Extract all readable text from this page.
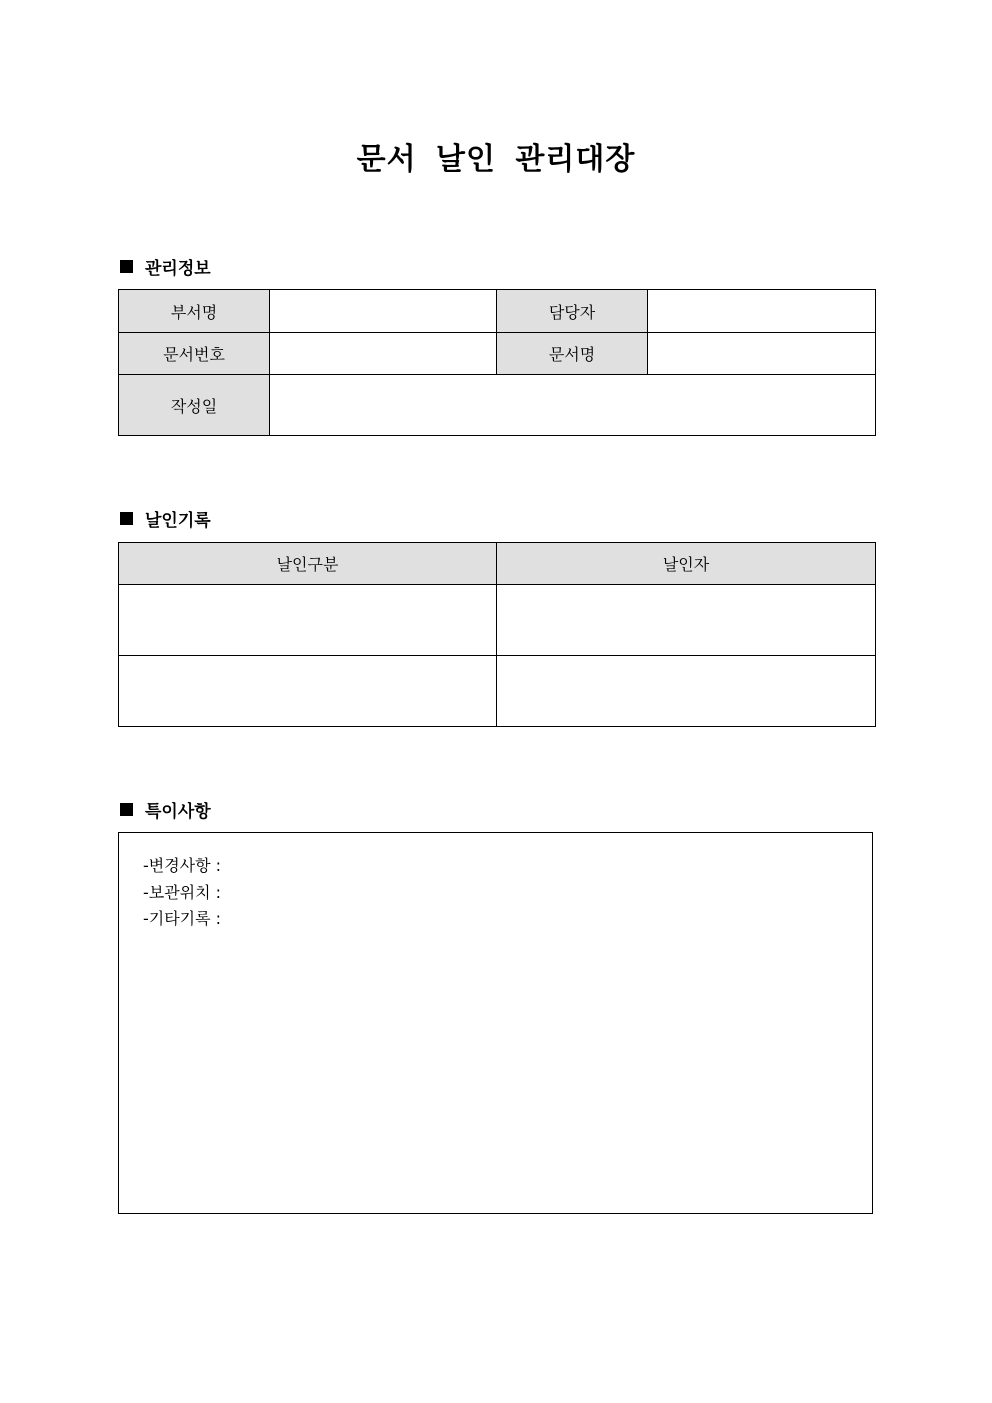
문서 날인 관리대장
관리정보
부서명		담당자	
문서번호		문서명	
작성일			
날인기록
날인구분	날인자

특이사항
-변경사항 :
-보관위치 :
-기타기록 :
